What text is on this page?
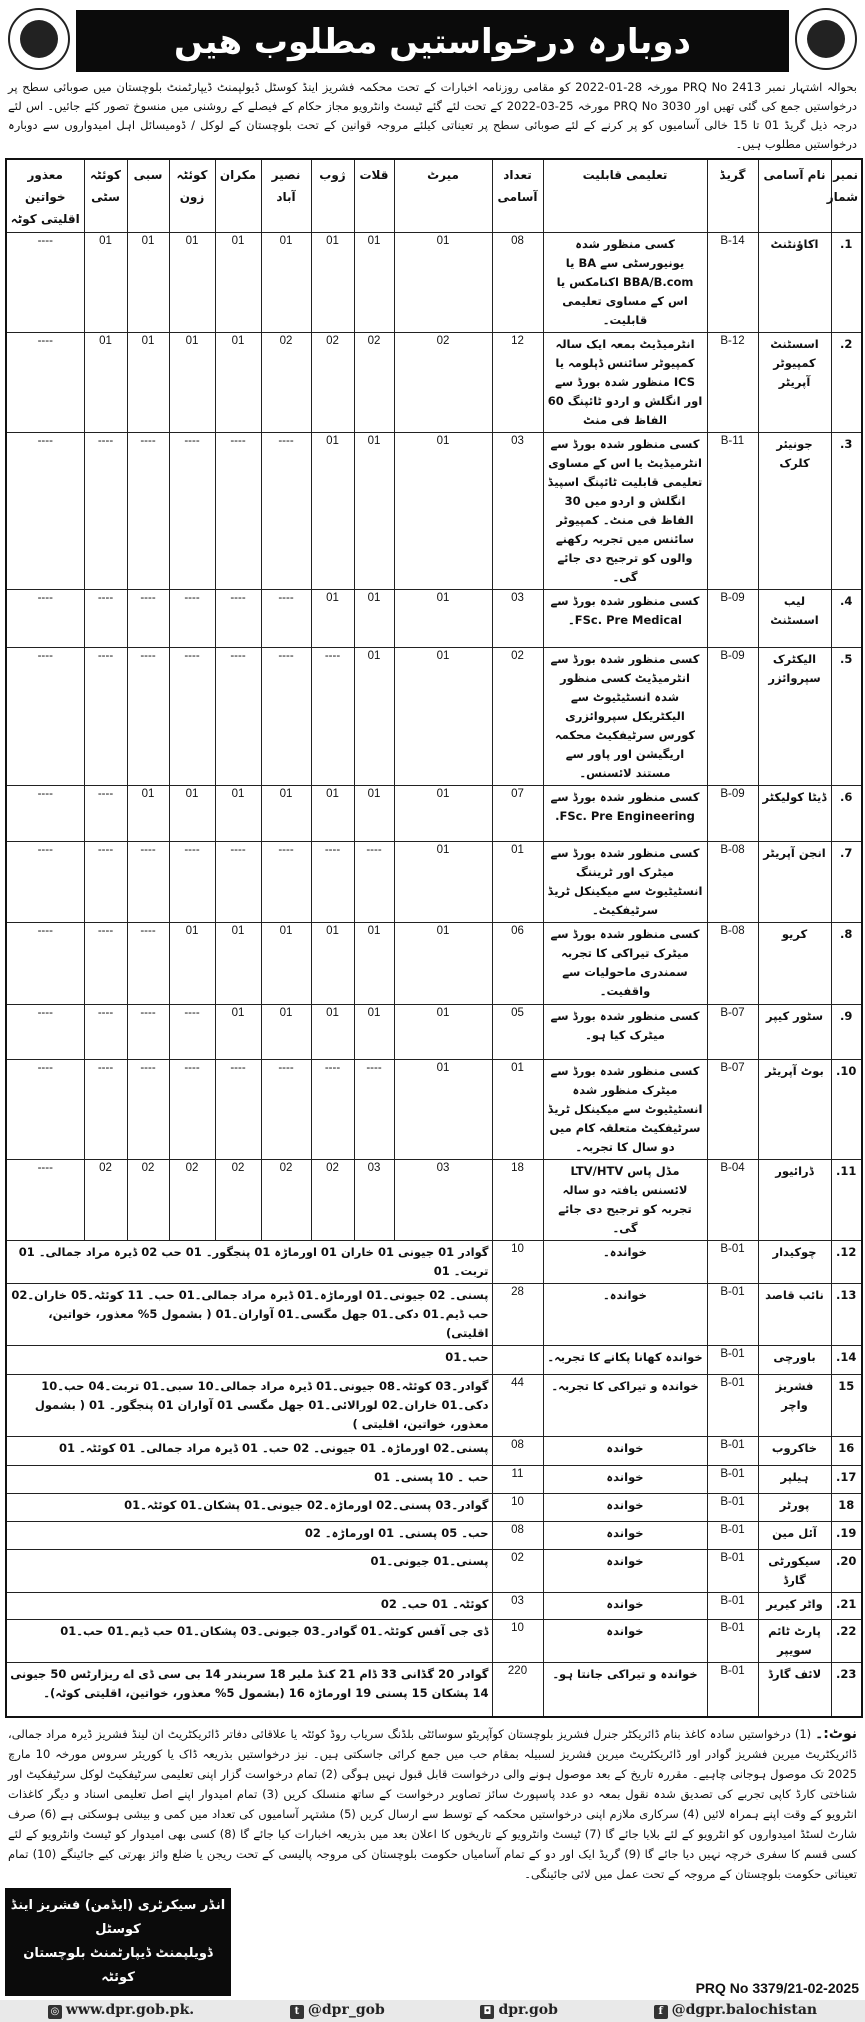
دوبارہ درخواستیں مطلوب ھیں
بحوالہ اشتہار نمبر PRQ No 2413 مورخہ 28-01-2022 کو مقامی روزنامہ اخبارات کے تحت محکمہ فشریز اینڈ کوسٹل ڈیولپمنٹ ڈیپارٹمنٹ بلوچستان میں صوبائی سطح پر درخواستیں جمع کی گئی تھیں اور PRQ No 3030 مورخہ 25-03-2022 کے تحت لئے گئے ٹیسٹ وانٹرویو مجاز حکام کے فیصلے کے روشنی میں منسوخ تصور کئے جائیں۔ اس لئے درجہ ذیل گریڈ 01 تا 15 خالی آسامیوں کو پر کرنے کے لئے صوبائی سطح پر تعیناتی کیلئے مروجہ قوانین کے تحت بلوچستان کے لوکل / ڈومیسائل اہل امیدواروں سے دوبارہ درخواستیں مطلوب ہیں۔
نمبر شمار	نام آسامی	گریڈ	تعلیمی قابلیت	تعداد آسامی	میرٹ	قلات	ژوب	نصیر آباد	مکران	کوئٹہ زون	سبی	کوئٹہ سٹی	معذور خواتین اقلیتی کوٹہ
1.	اکاؤنٹنٹ	B-14	کسی منظور شدہ یونیورسٹی سے BA یا BBA/B.com اکنامکس یا اس کے مساوی تعلیمی قابلیت۔	08	01	01	01	01	01	01	01	01	----
2.	اسسٹنٹ کمپیوٹر آپریٹر	B-12	انٹرمیڈیٹ بمعہ ایک سالہ کمپیوٹر سائنس ڈپلومہ یا ICS منظور شدہ بورڈ سے اور انگلش و اردو ٹائپنگ 60 الفاظ فی منٹ	12	02	02	02	02	01	01	01	01	----
3.	جونیئر کلرک	B-11	کسی منظور شدہ بورڈ سے انٹرمیڈیٹ یا اس کے مساوی تعلیمی قابلیت ٹائپنگ اسپیڈ انگلش و اردو میں 30 الفاظ فی منٹ۔ کمپیوٹر سائنس میں تجربہ رکھنے والوں کو ترجیح دی جائے گی۔	03	01	01	01	----	----	----	----	----	----
4.	لیب اسسٹنٹ	B-09	کسی منظور شدہ بورڈ سے FSc. Pre Medical۔	03	01	01	01	----	----	----	----	----	----
5.	الیکٹرک سپروائزر	B-09	کسی منظور شدہ بورڈ سے انٹرمیڈیٹ کسی منظور شدہ انسٹیٹیوٹ سے الیکٹریکل سپروائزری کورس سرٹیفکیٹ محکمہ اریگیشن اور پاور سے مستند لائسنس۔	02	01	01	----	----	----	----	----	----	----
6.	ڈیٹا کولیکٹر	B-09	کسی منظور شدہ بورڈ سے FSc. Pre Engineering.	07	01	01	01	01	01	01	01	----	----
7.	انجن آپریٹر	B-08	کسی منظور شدہ بورڈ سے میٹرک اور ٹریننگ انسٹیٹیوٹ سے میکینکل ٹریڈ سرٹیفکیٹ۔	01	01	----	----	----	----	----	----	----	----
8.	کریو	B-08	کسی منظور شدہ بورڈ سے میٹرک تیراکی کا تجربہ سمندری ماحولیات سے واقفیت۔	06	01	01	01	01	01	01	----	----	----
9.	سٹور کیپر	B-07	کسی منظور شدہ بورڈ سے میٹرک کیا ہو۔	05	01	01	01	01	01	----	----	----	----
10.	بوٹ آپریٹر	B-07	کسی منظور شدہ بورڈ سے میٹرک منظور شدہ انسٹیٹیوٹ سے میکینکل ٹریڈ سرٹیفکیٹ متعلقہ کام میں دو سال کا تجربہ۔	01	01	----	----	----	----	----	----	----	----
11.	ڈرائیور	B-04	مڈل پاس LTV/HTV لائسنس یافتہ دو سالہ تجربہ کو ترجیح دی جائے گی۔	18	03	03	02	02	02	02	02	02	----
12.	چوکیدار	B-01	خواندہ۔	10	گوادر 01 جیونی 01 خاران 01 اورماڑہ 01 پنجگور۔ 01 حب 02 ڈیرہ مراد جمالی۔ 01 تربت۔ 01								
13.	نائب قاصد	B-01	خواندہ۔	28	پسنی۔ 02 جیونی۔01 اورماڑہ۔01 ڈیرہ مراد جمالی۔01 حب۔ 11 کوئٹہ۔05 خاران۔02 حب ڈیم۔01 دکی۔01 جھل مگسی۔01 آواران۔01 ( بشمول 5% معذور، خواتین، اقلیتی)								
14.	باورچی	B-01	خواندہ کھانا پکانے کا تجربہ۔		حب۔01								
15	فشریز واچر	B-01	خواندہ و تیراکی کا تجربہ۔	44	گوادر۔03 کوئٹہ۔08 جیونی۔01 ڈیرہ مراد جمالی۔10 سبی۔01 تربت۔04 حب۔10 دکی۔01 خاران۔02 لورالائی۔01 جھل مگسی 01 آواران 01 پنجگور۔ 01 ( بشمول معذور، خواتین، اقلیتی )								
16	خاکروب	B-01	خواندہ	08	پسنی۔02 اورماڑہ۔ 01 جیونی۔ 02 حب۔ 01 ڈیرہ مراد جمالی۔ 01 کوئٹہ۔ 01								
17.	ہیلپر	B-01	خواندہ	11	حب ۔ 10 پسنی۔ 01								
18	پورٹر	B-01	خواندہ	10	گوادر۔03 پسنی۔02 اورماڑہ۔02 جیونی۔01 پشکان۔01 کوئٹہ۔01								
19.	آئل مین	B-01	خواندہ	08	حب۔ 05 پسنی۔ 01 اورماڑہ۔ 02								
20.	سیکورٹی گارڈ	B-01	خواندہ	02	پسنی۔01 جیونی۔01								
21.	واٹر کیریر	B-01	خواندہ	03	کوئٹہ۔ 01 حب۔ 02								
22.	پارٹ ٹائم سویپر	B-01	خواندہ	10	ڈی جی آفس کوئٹہ۔01 گوادر۔03 جیونی۔03 پشکان۔01 حب ڈیم۔01 حب۔01								
23.	لائف گارڈ	B-01	خواندہ و تیراکی جانتا ہو۔	220	گوادر 20 گڈانی 33 ڈام 21 کنڈ ملیر 18 سربندر 14 بی سی ڈی اے ریزارٹس 50 جیونی 14 پشکان 15 پسنی 19 اورماڑہ 16 (بشمول 5% معذور، خواتین، اقلیتی کوٹہ)۔								
نوٹ:۔ (1) درخواستیں سادہ کاغذ بنام ڈائریکٹر جنرل فشریز بلوچستان کوآپریٹو سوسائٹی بلڈنگ سریاب روڈ کوئٹہ یا علاقائی دفاتر ڈائریکٹریٹ ان لینڈ فشریز ڈیرہ مراد جمالی، ڈائریکٹریٹ میرین فشریز گوادر اور ڈائریکٹریٹ میرین فشریز لسبیلہ بمقام حب میں جمع کرائی جاسکتی ہیں۔ نیز درخواستیں بذریعہ ڈاک یا کوریئر سروس مورخہ 10 مارچ 2025 تک موصول ہوجانی چاہیے۔ مقررہ تاریخ کے بعد موصول ہونے والی درخواست قابل قبول نہیں ہوگی (2) تمام درخواست گزار اپنی تعلیمی سرٹیفکیٹ لوکل سرٹیفکیٹ اور شناختی کارڈ کاپی تجربے کی تصدیق شدہ نقول بمعہ دو عدد پاسپورٹ سائز تصاویر درخواست کے ساتھ منسلک کریں (3) تمام امیدوار اپنے اصل تعلیمی اسناد و دیگر کاغذات انٹرویو کے وقت اپنے ہمراہ لائیں (4) سرکاری ملازم اپنی درخواستیں محکمہ کے توسط سے ارسال کریں (5) مشتہر آسامیوں کی تعداد میں کمی و بیشی ہوسکتی ہے (6) صرف شارٹ لسٹڈ امیدواروں کو انٹرویو کے لئے بلایا جائے گا (7) ٹیسٹ وانٹرویو کے تاریخوں کا اعلان بعد میں بذریعہ اخبارات کیا جائے گا (8) کسی بھی امیدوار کو ٹیسٹ وانٹرویو کے لئے کسی قسم کا سفری خرچہ نہیں دیا جائے گا (9) گریڈ ایک اور دو کے تمام آسامیاں حکومت بلوچستان کی مروجہ پالیسی کے تحت ریجن یا ضلع وائز بھرتی کیے جائینگے (10) تمام تعیناتی حکومت بلوچستان کے مروجہ کے تحت عمل میں لائی جائینگی۔
انڈر سیکرٹری (ایڈمن) فشریز اینڈ کوسٹل
ڈویلپمنٹ ڈیپارٹمنٹ بلوچستان کوئٹہ
PRQ No 3379/21-02-2025
◎ www.dpr.gob.pk.	t @dpr_gob	◘ dpr.gob	f @dgpr.balochistan
